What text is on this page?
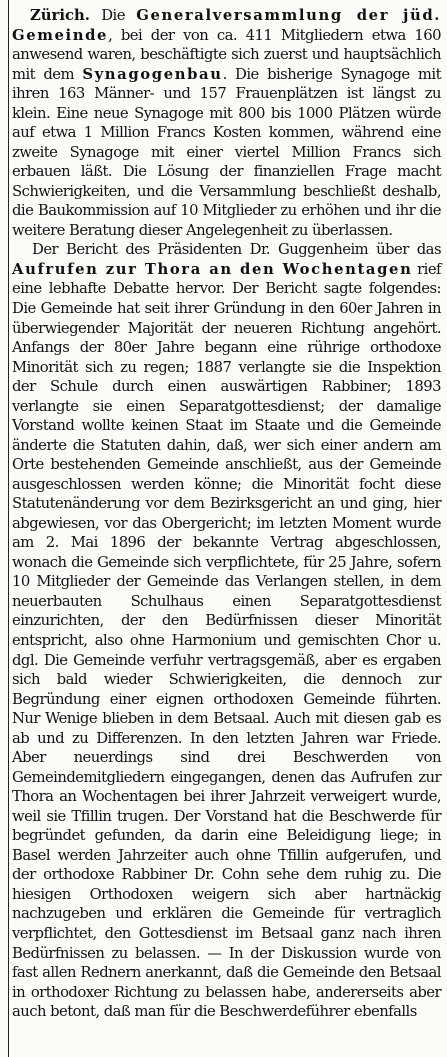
Zürich. Die Generalversammlung der jüd. Gemeinde, bei der von ca. 411 Mitgliedern etwa 160 anwesend waren, beschäftigte sich zuerst und hauptsächlich mit dem Synagogenbau. Die bisherige Synagoge mit ihren 163 Männer- und 157 Frauenplätzen ist längst zu klein. Eine neue Synagoge mit 800 bis 1000 Plätzen würde auf etwa 1 Million Francs Kosten kommen, während eine zweite Synagoge mit einer viertel Million Francs sich erbauen läßt. Die Lösung der finanziellen Frage macht Schwierigkeiten, und die Versammlung beschließt deshalb, die Baukommission auf 10 Mitglieder zu erhöhen und ihr die weitere Beratung dieser Angelegenheit zu überlassen.

Der Bericht des Präsidenten Dr. Guggenheim über das Aufrufen zur Thora an den Wochentagen rief eine lebhafte Debatte hervor. Der Bericht sagte folgendes: Die Gemeinde hat seit ihrer Gründung in den 60er Jahren in überwiegender Majorität der neueren Richtung angehört. Anfangs der 80er Jahre begann eine rührige orthodoxe Minorität sich zu regen; 1887 verlangte sie die Inspektion der Schule durch einen auswärtigen Rabbiner; 1893 verlangte sie einen Separatgottesdienst; der damalige Vorstand wollte keinen Staat im Staate und die Gemeinde änderte die Statuten dahin, daß, wer sich einer andern am Orte bestehenden Gemeinde anschließt, aus der Gemeinde ausgeschlossen werden könne; die Minorität focht diese Statutenänderung vor dem Bezirksgericht an und ging, hier abgewiesen, vor das Obergericht; im letzten Moment wurde am 2. Mai 1896 der bekannte Vertrag abgeschlossen, wonach die Gemeinde sich verpflichtete, für 25 Jahre, sofern 10 Mitglieder der Gemeinde das Verlangen stellen, in dem neuerbauten Schulhaus einen Separatgottesdienst einzurichten, der den Bedürfnissen dieser Minorität entspricht, also ohne Harmonium und gemischten Chor u. dgl. Die Gemeinde verfuhr vertragsgemäß, aber es ergaben sich bald wieder Schwierigkeiten, die dennoch zur Begründung einer eignen orthodoxen Gemeinde führten. Nur Wenige blieben in dem Betsaal. Auch mit diesen gab es ab und zu Differenzen. In den letzten Jahren war Friede. Aber neuerdings sind drei Beschwerden von Gemeindemitgliedern eingegangen, denen das Aufrufen zur Thora an Wochentagen bei ihrer Jahrzeit verweigert wurde, weil sie Tfillin trugen. Der Vorstand hat die Beschwerde für begründet gefunden, da darin eine Beleidigung liege; in Basel werden Jahrzeiter auch ohne Tfillin aufgerufen, und der orthodoxe Rabbiner Dr. Cohn sehe dem ruhig zu. Die hiesigen Orthodoxen weigern sich aber hartnäckig nachzugeben und erklären die Gemeinde für vertraglich verpflichtet, den Gottesdienst im Betsaal ganz nach ihren Bedürfnissen zu belassen. — In der Diskussion wurde von fast allen Rednern anerkannt, daß die Gemeinde den Betsaal in orthodoxer Richtung zu belassen habe, andererseits aber auch betont, daß man für die Beschwerdeführer ebenfalls
